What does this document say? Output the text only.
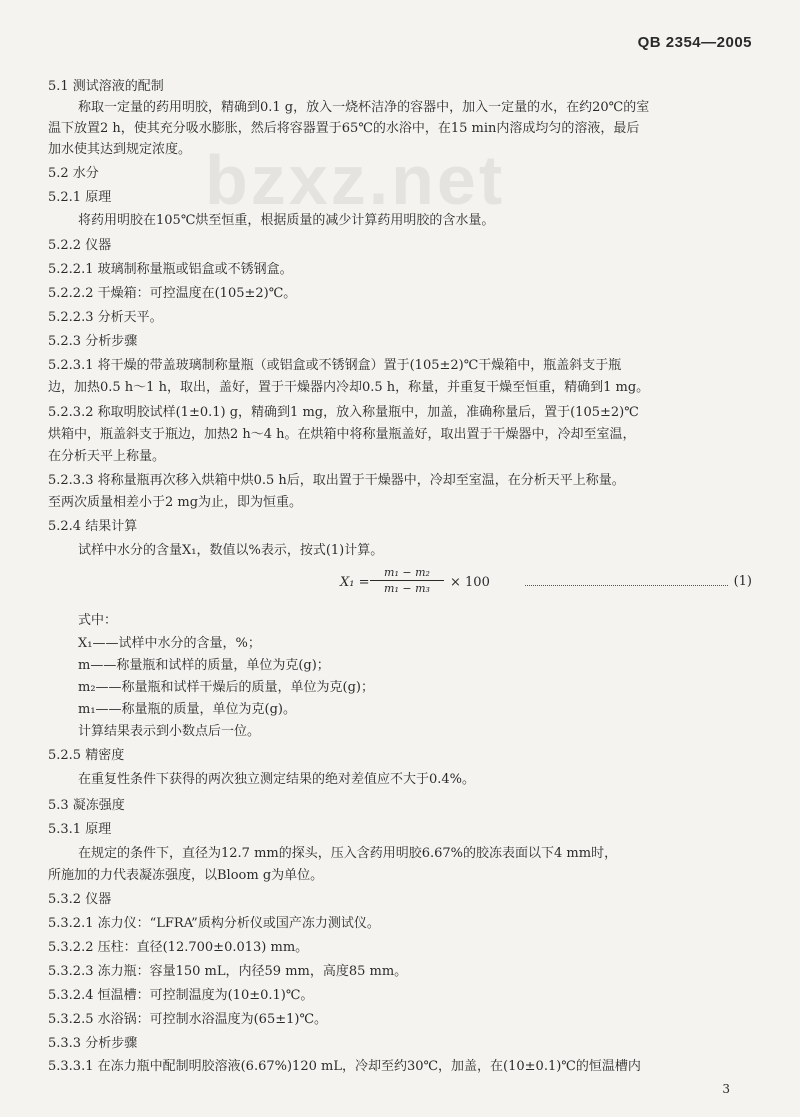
bzxz.net
QB 2354—2005
5.1 测试溶液的配制
称取一定量的药用明胶，精确到0.1 g，放入一烧杯洁净的容器中，加入一定量的水，在约20℃的室
温下放置2 h，使其充分吸水膨胀，然后将容器置于65℃的水浴中，在15 min内溶成均匀的溶液，最后
加水使其达到规定浓度。
5.2 水分
5.2.1 原理
将药用明胶在105℃烘至恒重，根据质量的减少计算药用明胶的含水量。
5.2.2 仪器
5.2.2.1 玻璃制称量瓶或铝盒或不锈钢盒。
5.2.2.2 干燥箱：可控温度在(105±2)℃。
5.2.2.3 分析天平。
5.2.3 分析步骤
5.2.3.1 将干燥的带盖玻璃制称量瓶（或铝盒或不锈钢盒）置于(105±2)℃干燥箱中，瓶盖斜支于瓶
边，加热0.5 h～1 h，取出，盖好，置于干燥器内冷却0.5 h，称量，并重复干燥至恒重，精确到1 mg。
5.2.3.2 称取明胶试样(1±0.1) g，精确到1 mg，放入称量瓶中，加盖，准确称量后，置于(105±2)℃
烘箱中，瓶盖斜支于瓶边，加热2 h～4 h。在烘箱中将称量瓶盖好，取出置于干燥器中，冷却至室温，
在分析天平上称量。
5.2.3.3 将称量瓶再次移入烘箱中烘0.5 h后，取出置于干燥器中，冷却至室温，在分析天平上称量。
至两次质量相差小于2 mg为止，即为恒重。
5.2.4 结果计算
试样中水分的含量X₁，数值以%表示，按式(1)计算。
$X_1 = \frac{\text{m₁ − m₂}}{\text{m₁ − m₃}} \times 100$	(1)
式中：
X₁——试样中水分的含量，%；
m——称量瓶和试样的质量，单位为克(g)；
m₂——称量瓶和试样干燥后的质量，单位为克(g)；
m₁——称量瓶的质量，单位为克(g)。
计算结果表示到小数点后一位。
5.2.5 精密度
在重复性条件下获得的两次独立测定结果的绝对差值应不大于0.4%。
5.3 凝冻强度
5.3.1 原理
在规定的条件下，直径为12.7 mm的探头，压入含药用明胶6.67%的胶冻表面以下4 mm时，
所施加的力代表凝冻强度，以Bloom g为单位。
5.3.2 仪器
5.3.2.1 冻力仪：“LFRA”质构分析仪或国产冻力测试仪。
5.3.2.2 压柱：直径(12.700±0.013) mm。
5.3.2.3 冻力瓶：容量150 mL，内径59 mm，高度85 mm。
5.3.2.4 恒温槽：可控制温度为(10±0.1)℃。
5.3.2.5 水浴锅：可控制水浴温度为(65±1)℃。
5.3.3 分析步骤
5.3.3.1 在冻力瓶中配制明胶溶液(6.67%)120 mL，冷却至约30℃，加盖，在(10±0.1)℃的恒温槽内
3
